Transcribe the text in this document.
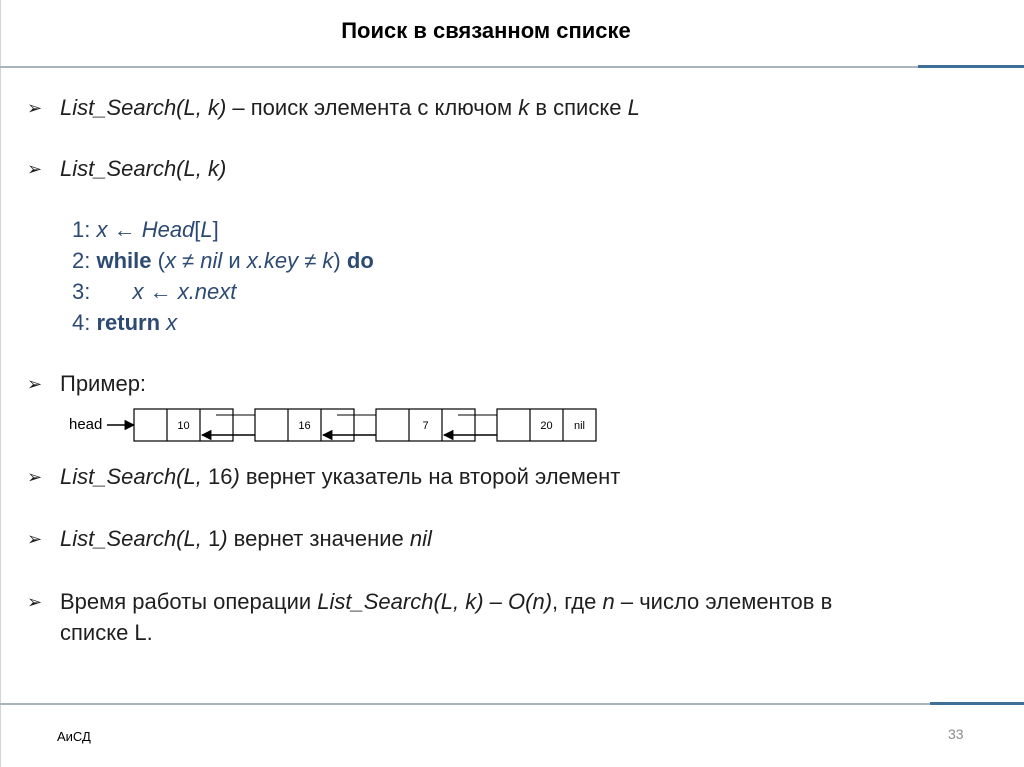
Поиск в связанном списке
➢ List_Search(L, k) – поиск элемента с ключом k в списке L
➢ List_Search(L, k)
1: x ← Head[L]
2: while (x ≠ nil и x.key ≠ k) do
3: x ← x.next
4: return x
➢ Пример:
head	10	16	7	20 nil
➢ List_Search(L, 16) вернет указатель на второй элемент
➢ List_Search(L, 1) вернет значение nil
➢ Время работы операции List_Search(L, k) – O(n), где n – число элементов в
списке L.
АиСД	33
